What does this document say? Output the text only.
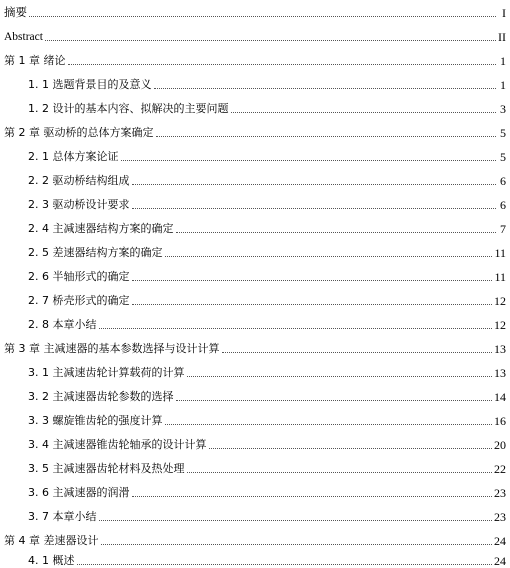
摘要	I
Abstract	II
第 1 章 绪论	1
1. 1 选题背景目的及意义	1
1. 2 设计的基本内容、拟解决的主要问题	3
第 2 章 驱动桥的总体方案确定	5
2. 1 总体方案论证	5
2. 2 驱动桥结构组成	6
2. 3 驱动桥设计要求	6
2. 4 主减速器结构方案的确定	7
2. 5 差速器结构方案的确定	11
2. 6 半轴形式的确定	11
2. 7 桥壳形式的确定	12
2. 8 本章小结	12
第 3 章 主减速器的基本参数选择与设计计算	13
3. 1 主减速齿轮计算载荷的计算	13
3. 2 主减速器齿轮参数的选择	14
3. 3 螺旋锥齿轮的强度计算	16
3. 4 主减速器锥齿轮轴承的设计计算	20
3. 5 主减速器齿轮材料及热处理	22
3. 6 主减速器的润滑	23
3. 7 本章小结	23
第 4 章 差速器设计	24
4. 1 概述	24
